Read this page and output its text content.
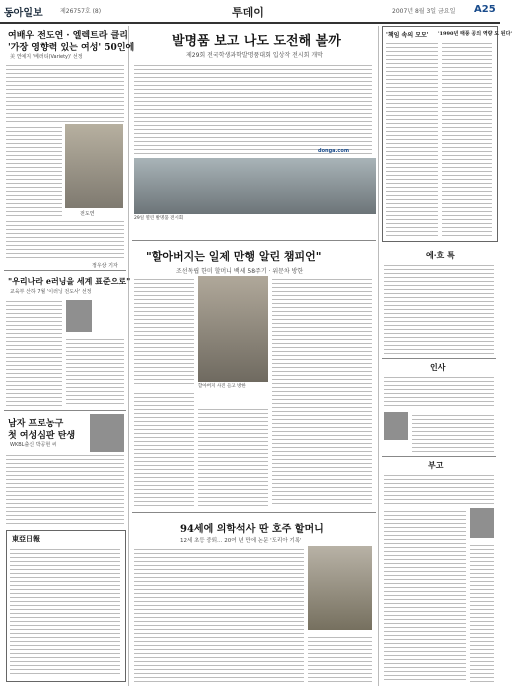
동아일보	제26757호 (8)	투데이	2007년 8월 3일 금요일 A25
여배우 전도연 · 엘렉트라 클리
'가장 영향력 있는 여성' 50인에
美 연예지 '베러티(Variety)' 선정
전도연
정우상 기자
"우리나라 e러닝을 세계 표준으로"
교육부 산하 7월 '이러닝 전도사' 선정
남자 프로농구
첫 여성심판 탄생
WKBL출신 박공현 씨
東亞日報
발명품 보고 나도 도전해 볼까
제29회 전국학생과학발명품대회 입상작 전시회 개막
donga.com
29일 열린 발명품 전시회
"할아버지는 일제 만행 알린 챔피언"
조선독립 한미 할머니 백세 58주기 · 위문차 방한
할아버지 사진 들고 방한
94세에 의학석사 딴 호주 할머니
12세 초등 중퇴… 20여 년 만에 논문 '도리아 기록'
'책임 속의 모모' '1990년 태풍 공의 역량 도 된다'
에·흐 특
인사
부고
